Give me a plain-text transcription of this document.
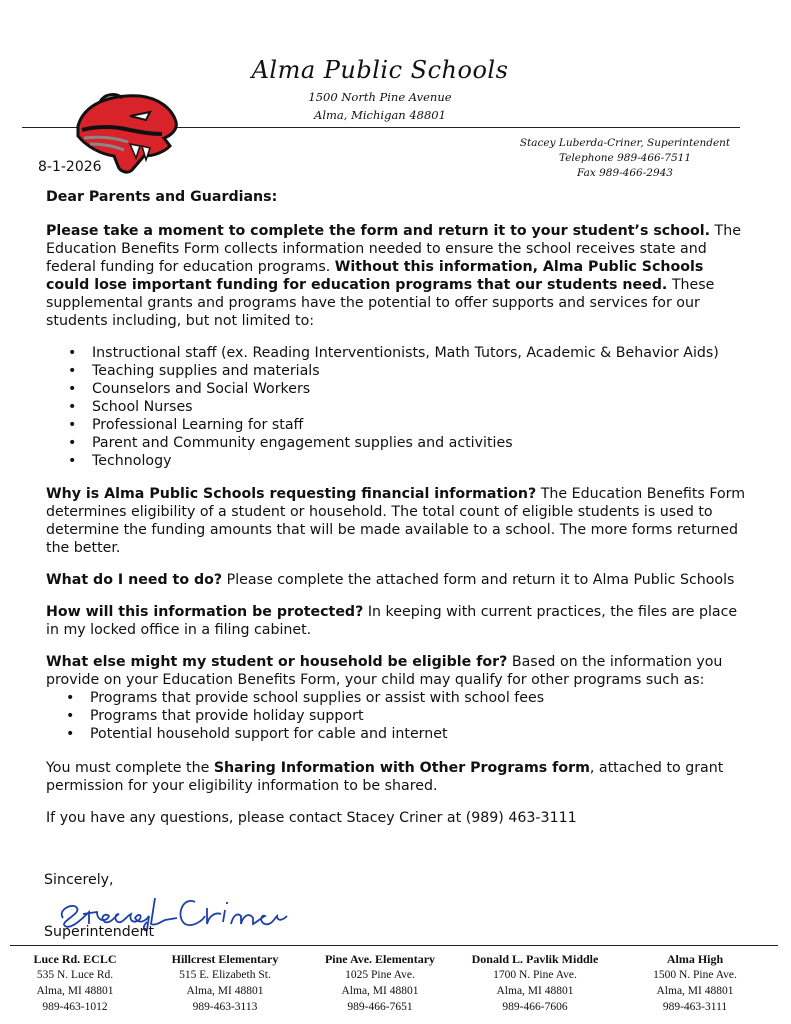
Alma Public Schools
1500 North Pine Avenue
Alma, Michigan 48801
Stacey Luberda-Criner, Superintendent
Telephone 989-466-7511
Fax 989-466-2943
8-1-2026

Dear Parents and Guardians:

Please take a moment to complete the form and return it to your student’s school. The Education Benefits Form collects information needed to ensure the school receives state and federal funding for education programs. Without this information, Alma Public Schools could lose important funding for education programs that our students need. These supplemental grants and programs have the potential to offer supports and services for our students including, but not limited to:

• Instructional staff (ex. Reading Interventionists, Math Tutors, Academic & Behavior Aids)
• Teaching supplies and materials
• Counselors and Social Workers
• School Nurses
• Professional Learning for staff
• Parent and Community engagement supplies and activities
• Technology

Why is Alma Public Schools requesting financial information? The Education Benefits Form determines eligibility of a student or household. The total count of eligible students is used to determine the funding amounts that will be made available to a school. The more forms returned the better.

What do I need to do? Please complete the attached form and return it to Alma Public Schools

How will this information be protected? In keeping with current practices, the files are place in my locked office in a filing cabinet.

What else might my student or household be eligible for? Based on the information you provide on your Education Benefits Form, your child may qualify for other programs such as:

• Programs that provide school supplies or assist with school fees
• Programs that provide holiday support
• Potential household support for cable and internet

You must complete the Sharing Information with Other Programs form, attached to grant permission for your eligibility information to be shared.

If you have any questions, please contact Stacey Criner at (989) 463-3111

Sincerely,
Superintendent
Luce Rd. ECLC
535 N. Luce Rd.
Alma, MI 48801
989-463-1012
Hillcrest Elementary
515 E. Elizabeth St.
Alma, MI 48801
989-463-3113
Pine Ave. Elementary
1025 Pine Ave.
Alma, MI 48801
989-466-7651
Donald L. Pavlik Middle
1700 N. Pine Ave.
Alma, MI 48801
989-466-7606
Alma High
1500 N. Pine Ave.
Alma, MI 48801
989-463-3111
